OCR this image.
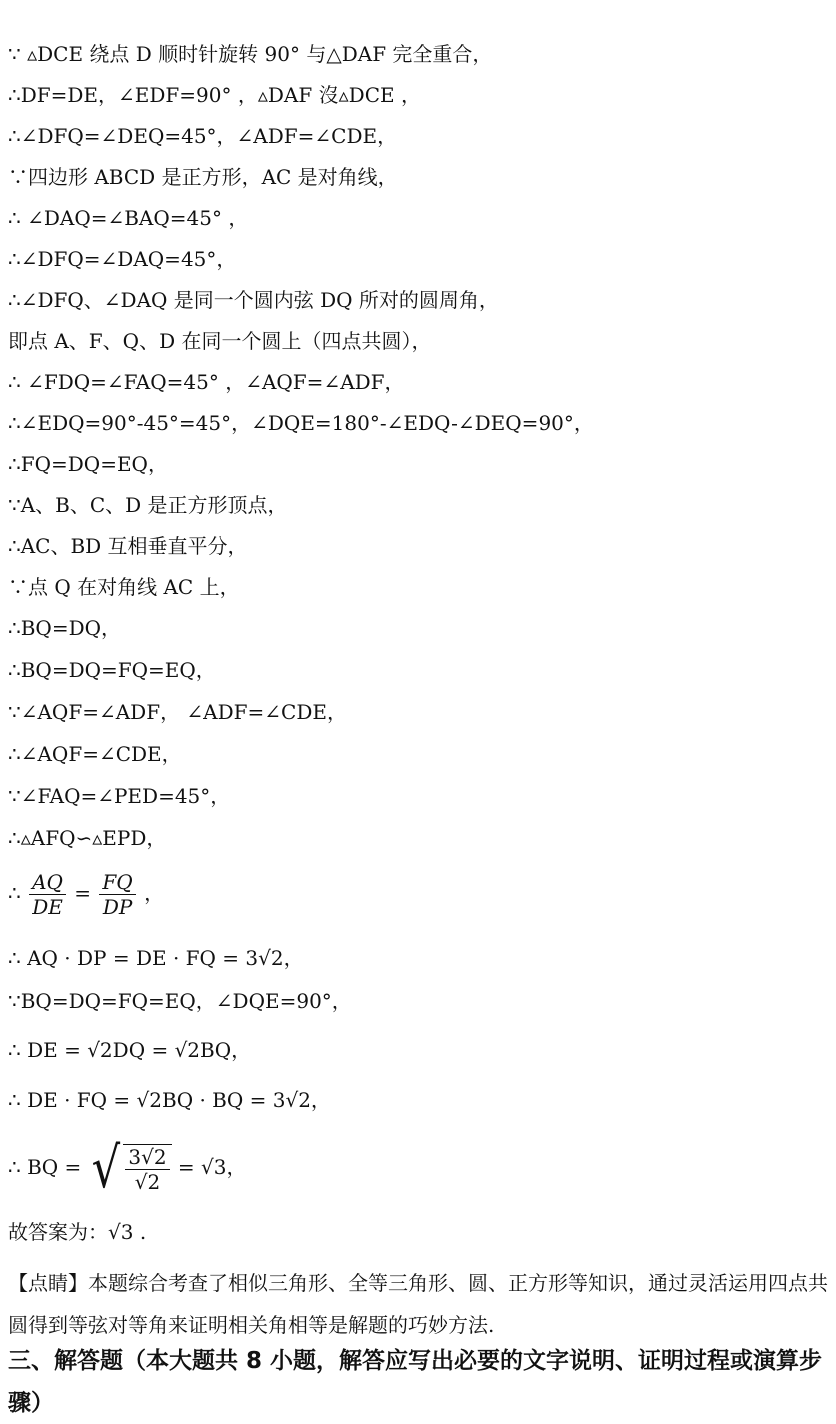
∵ ▵DCE 绕点 D 顺时针旋转 90° 与△DAF 完全重合，
∴DF=DE，∠EDF=90° ，▵DAF 沒▵DCE ，
∴∠DFQ=∠DEQ=45°，∠ADF=∠CDE，
∵四边形 ABCD 是正方形，AC 是对角线，
∴ ∠DAQ=∠BAQ=45° ，
∴∠DFQ=∠DAQ=45°，
∴∠DFQ、∠DAQ 是同一个圆内弦 DQ 所对的圆周角，
即点 A、F、Q、D 在同一个圆上（四点共圆），
∴ ∠FDQ=∠FAQ=45° ，∠AQF=∠ADF，
∴∠EDQ=90°-45°=45°，∠DQE=180°-∠EDQ-∠DEQ=90°，
∴FQ=DQ=EQ，
∵A、B、C、D 是正方形顶点，
∴AC、BD 互相垂直平分，
∵点 Q 在对角线 AC 上，
∴BQ=DQ，
∴BQ=DQ=FQ=EQ，
∵∠AQF=∠ADF， ∠ADF=∠CDE，
∴∠AQF=∠CDE，
∵∠FAQ=∠PED=45°，
∴▵AFQ∽▵EPD，
∴ $\frac{AQ}{DE} = \frac{FQ}{DP}$ ，
∴ AQ · DP = DE · FQ = 3√2，
∵BQ=DQ=FQ=EQ，∠DQE=90°，
∴ DE = √2DQ = √2BQ，
∴ DE · FQ = √2BQ · BQ = 3√2，
∴ BQ = √ $\frac{3√2}{√2} = √3$，
故答案为：√3 .
【点睛】本题综合考查了相似三角形、全等三角形、圆、正方形等知识，通过灵活运用四点共圆得到等弦对等角来证明相关角相等是解题的巧妙方法.
三、解答题（本大题共 8 小题，解答应写出必要的文字说明、证明过程或演算步骤）
